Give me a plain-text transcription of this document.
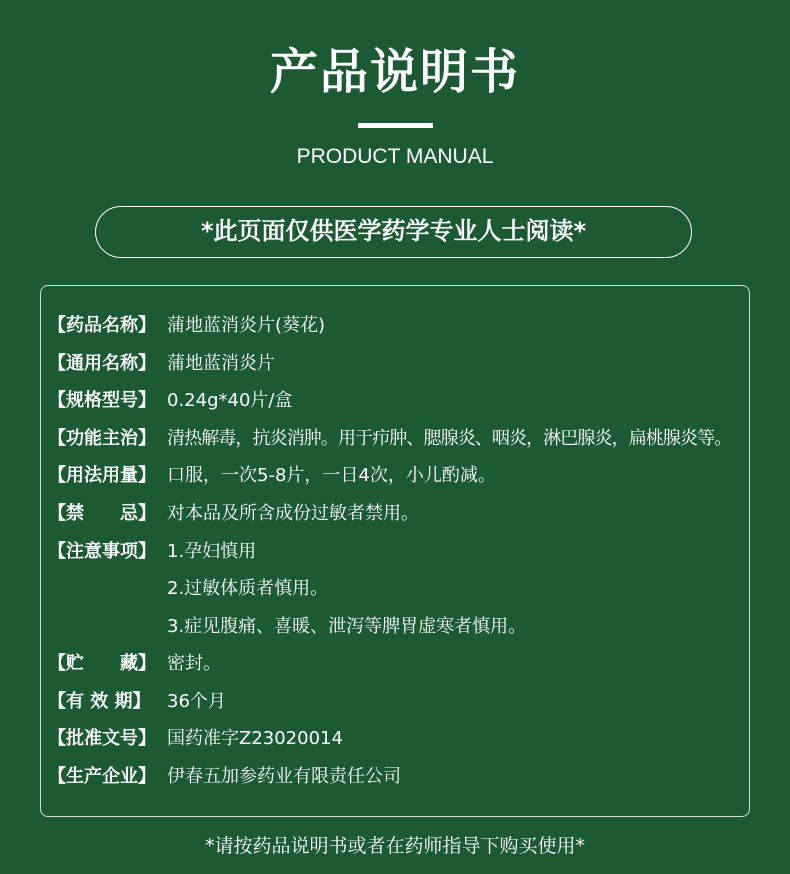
产品说明书
PRODUCT MANUAL
*此页面仅供医学药学专业人士阅读*
【药品名称】 蒲地蓝消炎片(葵花)
【通用名称】 蒲地蓝消炎片
【规格型号】 0.24g*40片/盒
【功能主治】 清热解毒，抗炎消肿。用于疖肿、腮腺炎、咽炎，淋巴腺炎，扁桃腺炎等。
【用法用量】 口服，一次5-8片，一日4次，小儿酌减。
【禁　　忌】 对本品及所含成份过敏者禁用。
【注意事项】 1.孕妇慎用
2.过敏体质者慎用。
3.症见腹痛、喜暖、泄泻等脾胃虚寒者慎用。
【贮　　藏】 密封。
【有 效 期】 36个月
【批准文号】 国药准字Z23020014
【生产企业】 伊春五加参药业有限责任公司
*请按药品说明书或者在药师指导下购买使用*
